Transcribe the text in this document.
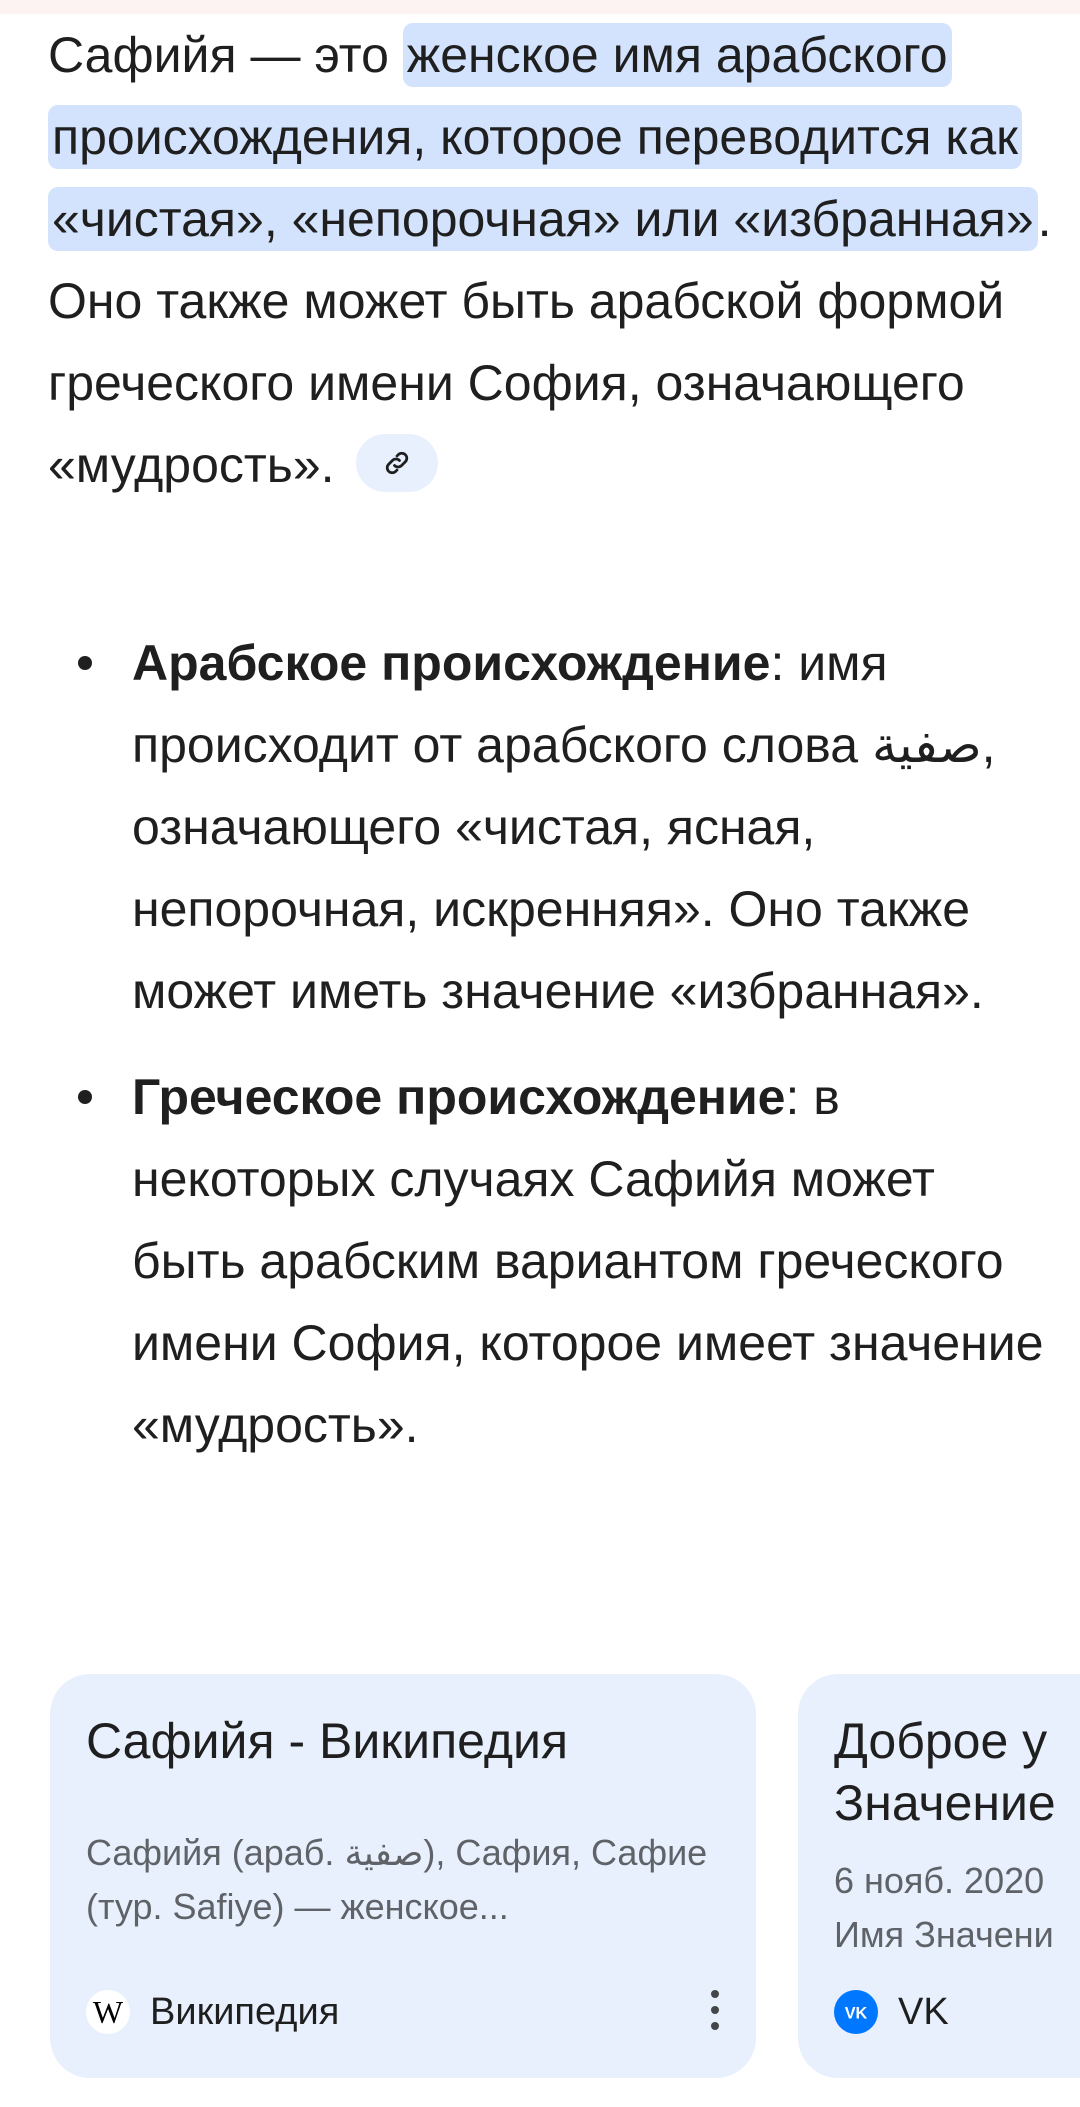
Сафийя — это женское имя арабского происхождения, которое переводится как «чистая», «непорочная» или «избранная». Оно также может быть арабской формой греческого имени София, означающего «мудрость».
Арабское происхождение: имя происходит от арабского слова صفية, означающего «чистая, ясная, непорочная, искренняя». Оно также может иметь значение «избранная».
Греческое происхождение: в некоторых случаях Сафийя может быть арабским вариантом греческого имени София, которое имеет значение «мудрость».
Сафийя - Википедия
Сафийя (араб. صفية), Сафия, Сафие (тур. Safiye) — женское...
W Википедия
Доброе у
Значение
6 нояб. 2020
Имя Значени
VK VK
